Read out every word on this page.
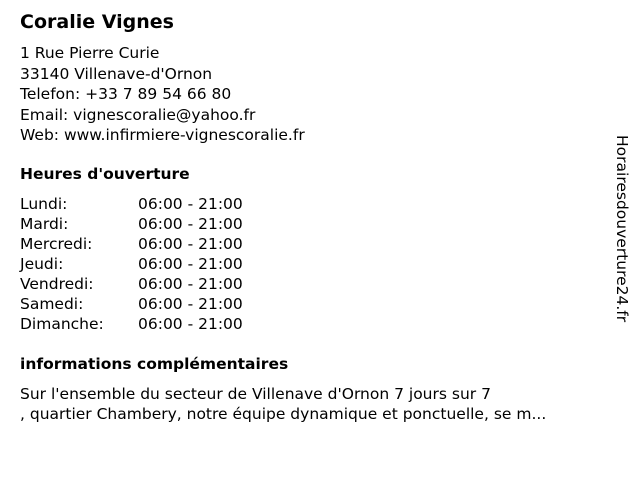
Coralie Vignes
1 Rue Pierre Curie
33140 Villenave-d'Ornon
Telefon: +33 7 89 54 66 80
Email: vignescoralie@yahoo.fr
Web: www.infirmiere-vignescoralie.fr
Heures d'ouverture
Lundi:	06:00 - 21:00
Mardi:	06:00 - 21:00
Mercredi:	06:00 - 21:00
Jeudi:	06:00 - 21:00
Vendredi:	06:00 - 21:00
Samedi:	06:00 - 21:00
Dimanche:	06:00 - 21:00
informations complémentaires
Sur l'ensemble du secteur de Villenave d'Ornon 7 jours sur 7
, quartier Chambery, notre équipe dynamique et ponctuelle, se m...
Horairesdouverture24.fr
